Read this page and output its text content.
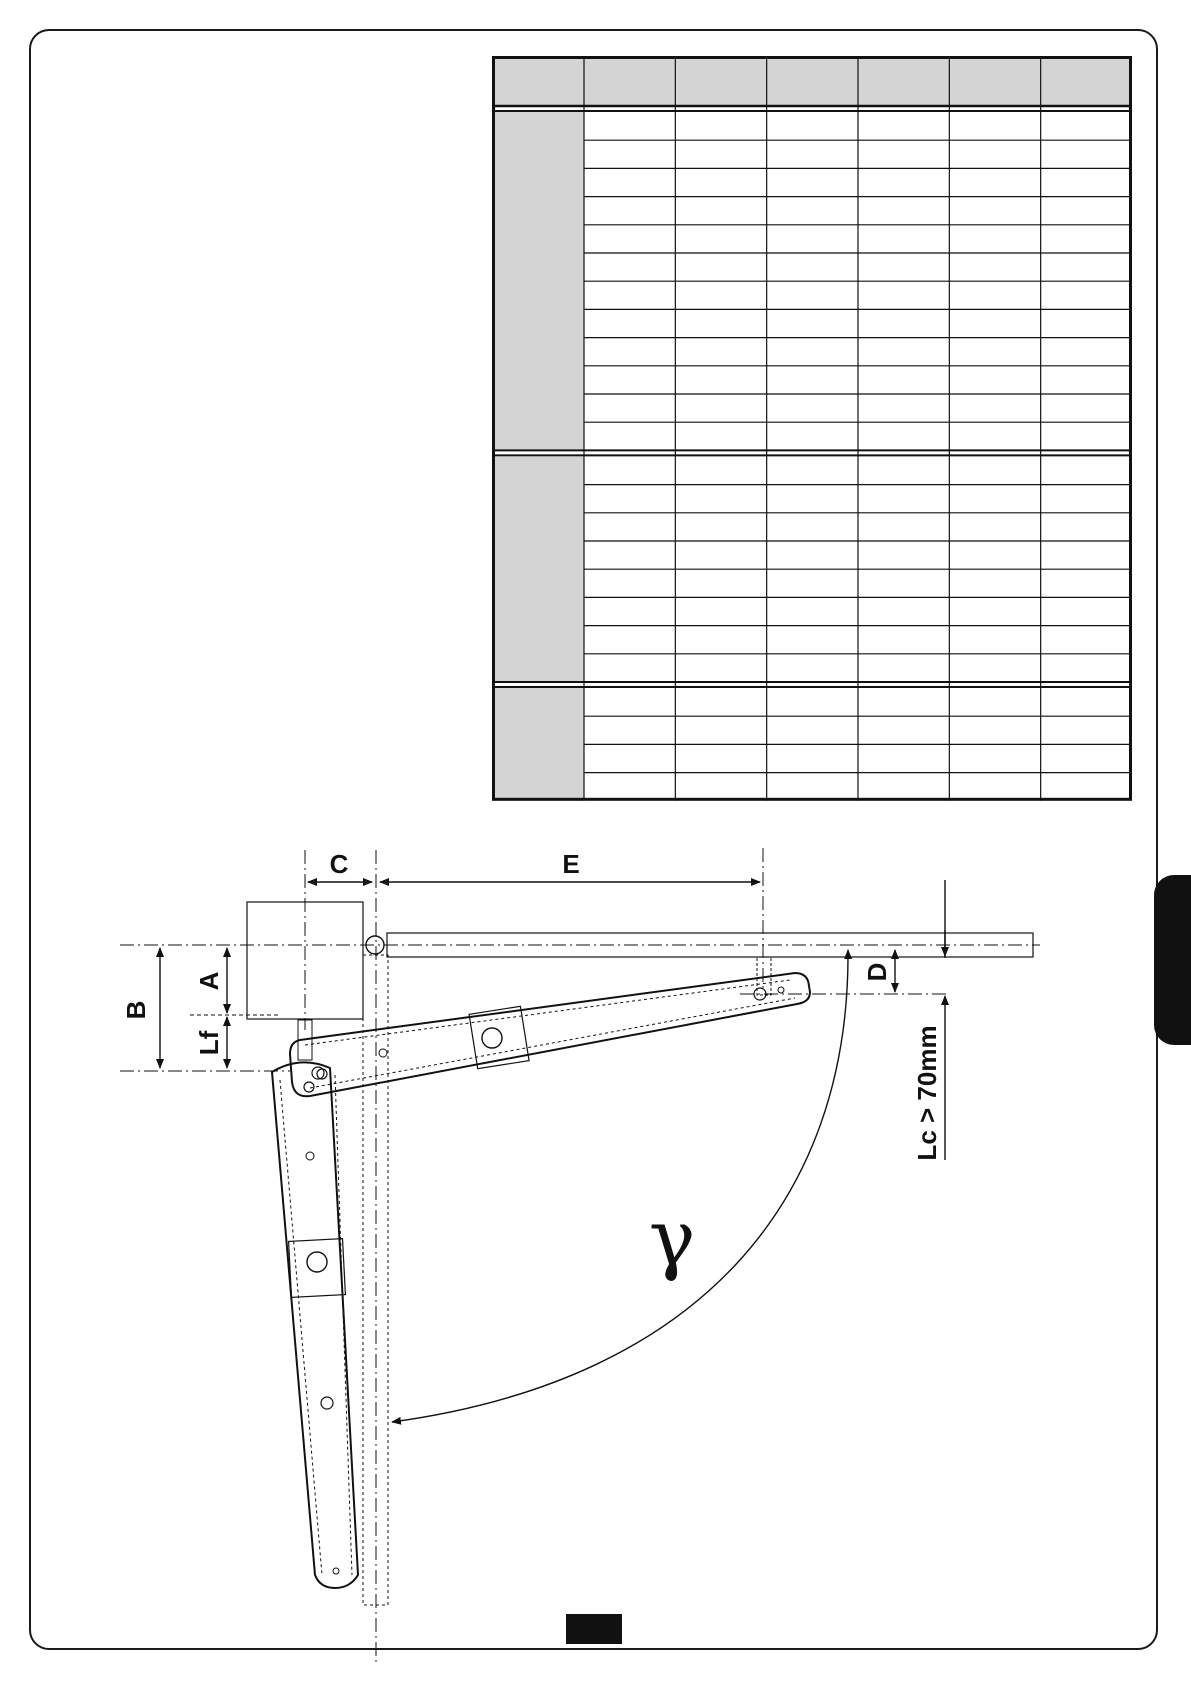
C	E
B
A
Lf
D
Lc > 70mm
γ
